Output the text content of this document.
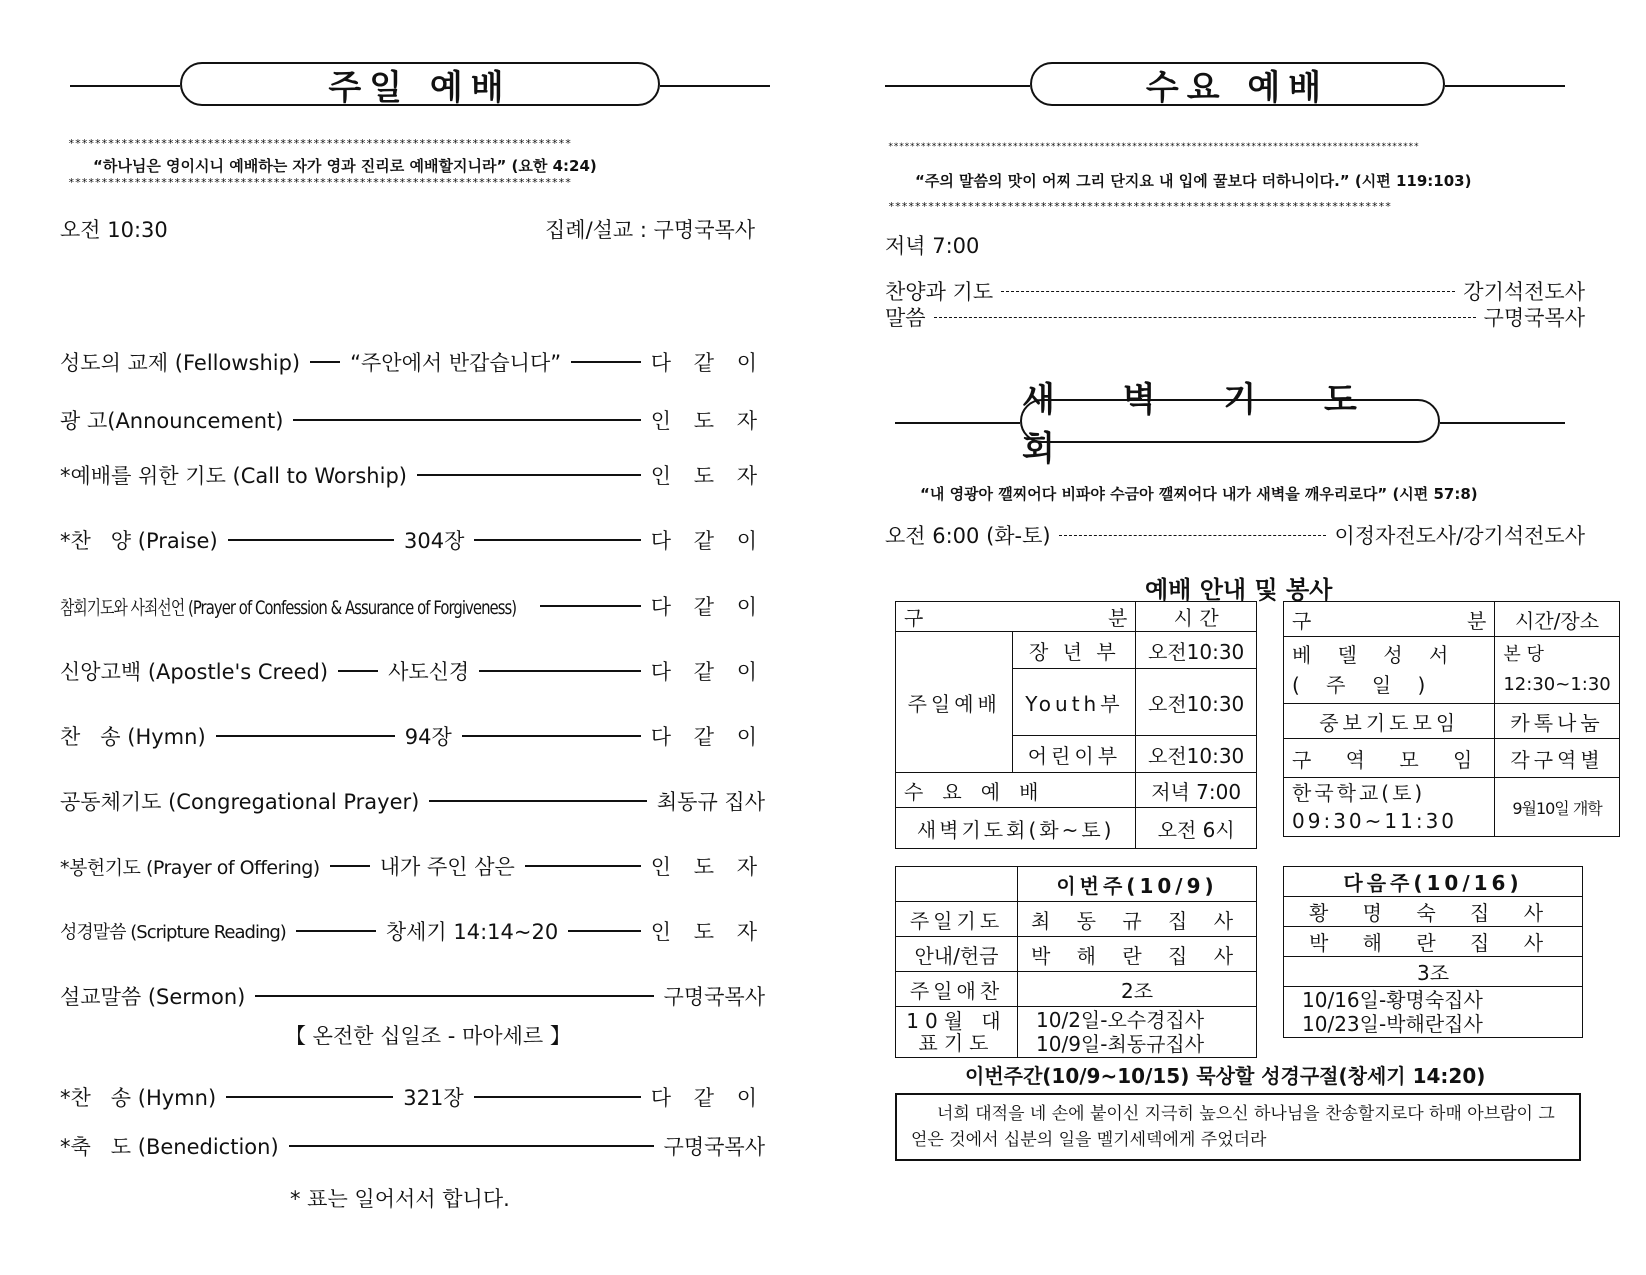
주일 예배
****************************************************************************
“하나님은 영이시니 예배하는 자가 영과 진리로 예배할지니라” (요한 4:24)
****************************************************************************
오전 10:30	집례/설교 : 구명국목사
성도의 교제 (Fellowship) “주안에서 반갑습니다”	다 같 이
광 고(Announcement)	인 도 자
*예배를 위한 기도 (Call to Worship)	인 도 자
*찬   양 (Praise)	304장	다 같 이
참회기도와 사죄선언 (Prayer of Confession & Assurance of Forgiveness)	다 같 이
신앙고백 (Apostle's Creed)	사도신경	다 같 이
찬   송 (Hymn)	94장	다 같 이
공동체기도 (Congregational Prayer)	최동규 집사
*봉헌기도 (Prayer of Offering)	내가 주인 삼은	인 도 자
성경말씀 (Scripture Reading)	창세기 14:14~20	인 도 자
설교말씀 (Sermon)	구명국목사
【 온전한 십일조 - 마아세르 】
*찬   송 (Hymn)	321장	다 같 이
*축   도 (Benediction)	구명국목사
* 표는 일어서서 합니다.
수요 예배
**************************************************************************************************
“주의 말씀의 맛이 어찌 그리 단지요 내 입에 꿀보다 더하니이다.” (시편 119:103)
****************************************************************************
저녁 7:00
찬양과 기도	강기석전도사
말씀	구명국목사
새 벽 기 도 회
“내 영광아 깰찌어다 비파야 수금아 깰찌어다 내가 새벽을 깨우리로다” (시편 57:8)
오전 6:00 (화-토)	이정자전도사/강기석전도사
예배 안내 및 봉사
구 분		시 간
주일예배	장 년 부	오전10:30
	Youth부	오전10:30
	어린이부	오전10:30
수   요   예   배		저녁 7:00
새벽기도회(화~토)		오전 6시
구 분	시간/장소
베 델 성 서 ( 주 일 )	본 당 12:30~1:30
중보기도모임	카톡나눔
구 역 모 임	각구역별
한국학교(토) 09:30~11:30	9월10일 개학
	이번주(10/9)
주일기도	최 동 규 집 사
안내/헌금	박 해 란 집 사
주일애찬	2조
10월 대표기도	10/2일-오수경집사
10/9일-최동규집사
다음주(10/16)
황 명 숙 집 사
박 해 란 집 사
3조

10/16일-황명숙집사
10/23일-박해란집사
이번주간(10/9~10/15) 묵상할 성경구절(창세기 14:20)
너희 대적을 네 손에 붙이신 지극히 높으신 하나님을 찬송할지로다 하매 아브람이 그 얻은 것에서 십분의 일을 멜기세덱에게 주었더라
